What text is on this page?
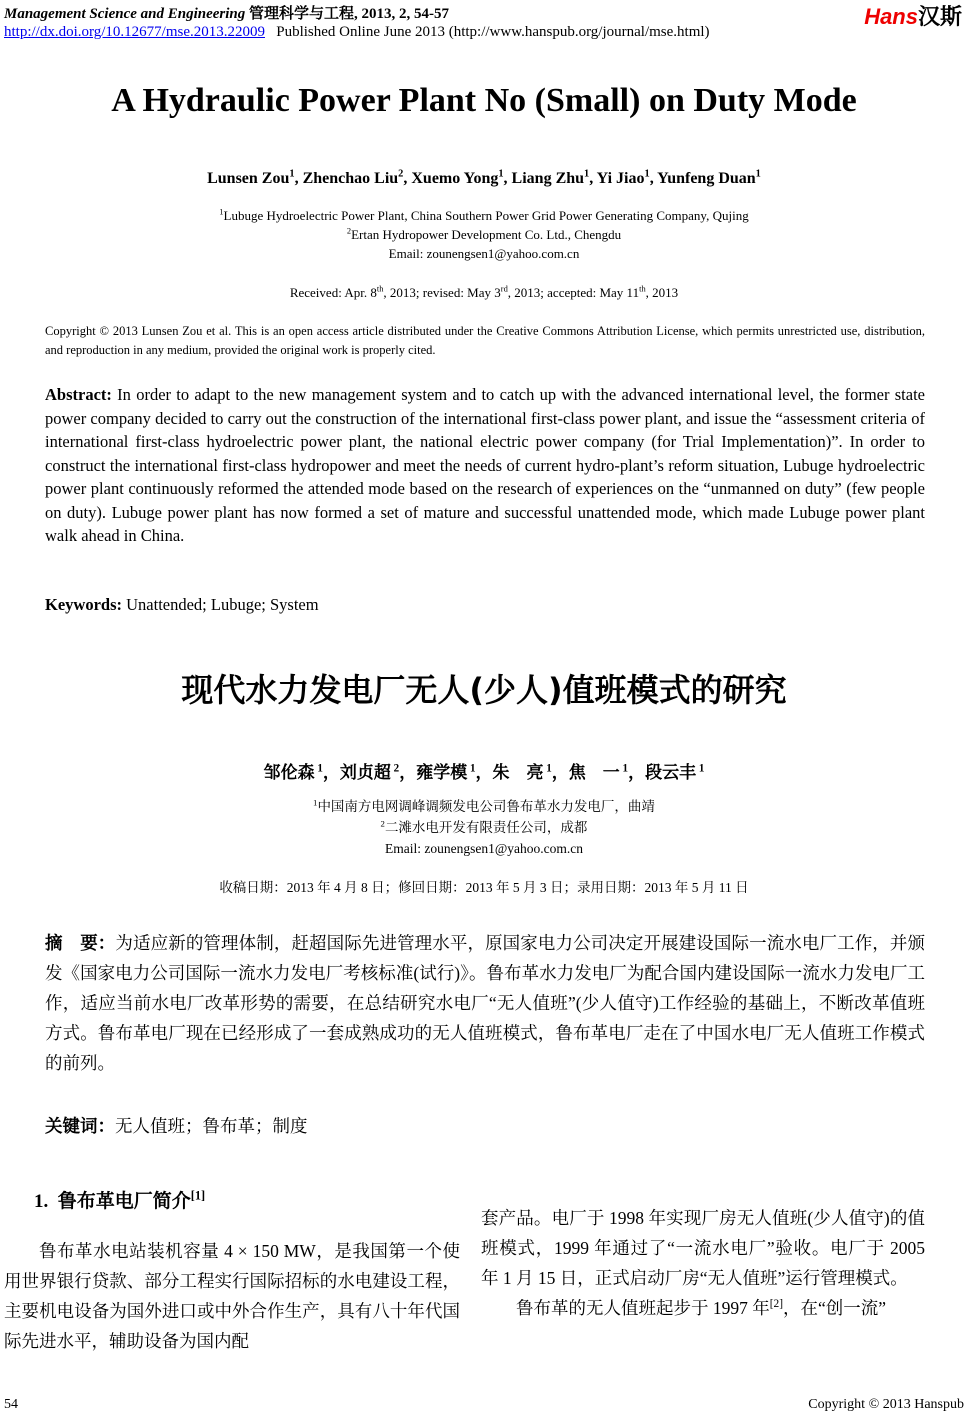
Management Science and Engineering 管理科学与工程, 2013, 2, 54-57
http://dx.doi.org/10.12677/mse.2013.22009 Published Online June 2013 (http://www.hanspub.org/journal/mse.html)
Hans汉斯
A Hydraulic Power Plant No (Small) on Duty Mode
Lunsen Zou$^1$, Zhenchao Liu$^2$, Xuemo Yong$^1$, Liang Zhu$^1$, Yi Jiao$^1$, Yunfeng Duan$^1$
$^1$Lubuge Hydroelectric Power Plant, China Southern Power Grid Power Generating Company, Qujing
$^2$Ertan Hydropower Development Co. Ltd., Chengdu
Email: zounengsen1@yahoo.com.cn
Received: Apr. 8th, 2013; revised: May 3rd, 2013; accepted: May 11th, 2013
Copyright © 2013 Lunsen Zou et al. This is an open access article distributed under the Creative Commons Attribution License, which permits unrestricted use, distribution, and reproduction in any medium, provided the original work is properly cited.
Abstract: In order to adapt to the new management system and to catch up with the advanced international level, the former state power company decided to carry out the construction of the international first-class power plant, and issue the “assessment criteria of international first-class hydroelectric power plant, the national electric power company (for Trial Implementation)”. In order to construct the international first-class hydropower and meet the needs of current hydro-plant’s reform situation, Lubuge hydroelectric power plant continuously reformed the attended mode based on the research of experiences on the “unmanned on duty” (few people on duty). Lubuge power plant has now formed a set of mature and successful unattended mode, which made Lubuge power plant walk ahead in China.
Keywords: Unattended; Lubuge; System
现代水力发电厂无人(少人)值班模式的研究
邹伦森 $^1$，刘贞超 $^2$，雍学模 $^1$，朱　亮 $^1$，焦　一 $^1$，段云丰 $^1$
$^1$中国南方电网调峰调频发电公司鲁布革水力发电厂，曲靖
$^2$二滩水电开发有限责任公司，成都
Email: zounengsen1@yahoo.com.cn
收稿日期：2013 年 4 月 8 日；修回日期：2013 年 5 月 3 日；录用日期：2013 年 5 月 11 日
摘　要：为适应新的管理体制，赶超国际先进管理水平，原国家电力公司决定开展建设国际一流水电厂工作，并颁发《国家电力公司国际一流水力发电厂考核标准(试行)》。鲁布革水力发电厂为配合国内建设国际一流水力发电厂工作，适应当前水电厂改革形势的需要，在总结研究水电厂“无人值班”(少人值守)工作经验的基础上，不断改革值班方式。鲁布革电厂现在已经形成了一套成熟成功的无人值班模式，鲁布革电厂走在了中国水电厂无人值班工作模式的前列。
关键词：无人值班；鲁布革；制度
1. 鲁布革电厂简介[1]

鲁布革水电站装机容量 4 × 150 MW，是我国第一个使用世界银行贷款、部分工程实行国际招标的水电建设工程，主要机电设备为国外进口或中外合作生产，具有八十年代国际先进水平，辅助设备为国内配

套产品。电厂于 1998 年实现厂房无人值班(少人值守)的值班模式，1999 年通过了“一流水电厂”验收。电厂于 2005 年 1 月 15 日，正式启动厂房“无人值班”运行管理模式。

鲁布革的无人值班起步于 1997 年[2]，在“创一流”

54	Copyright © 2013 Hanspub
